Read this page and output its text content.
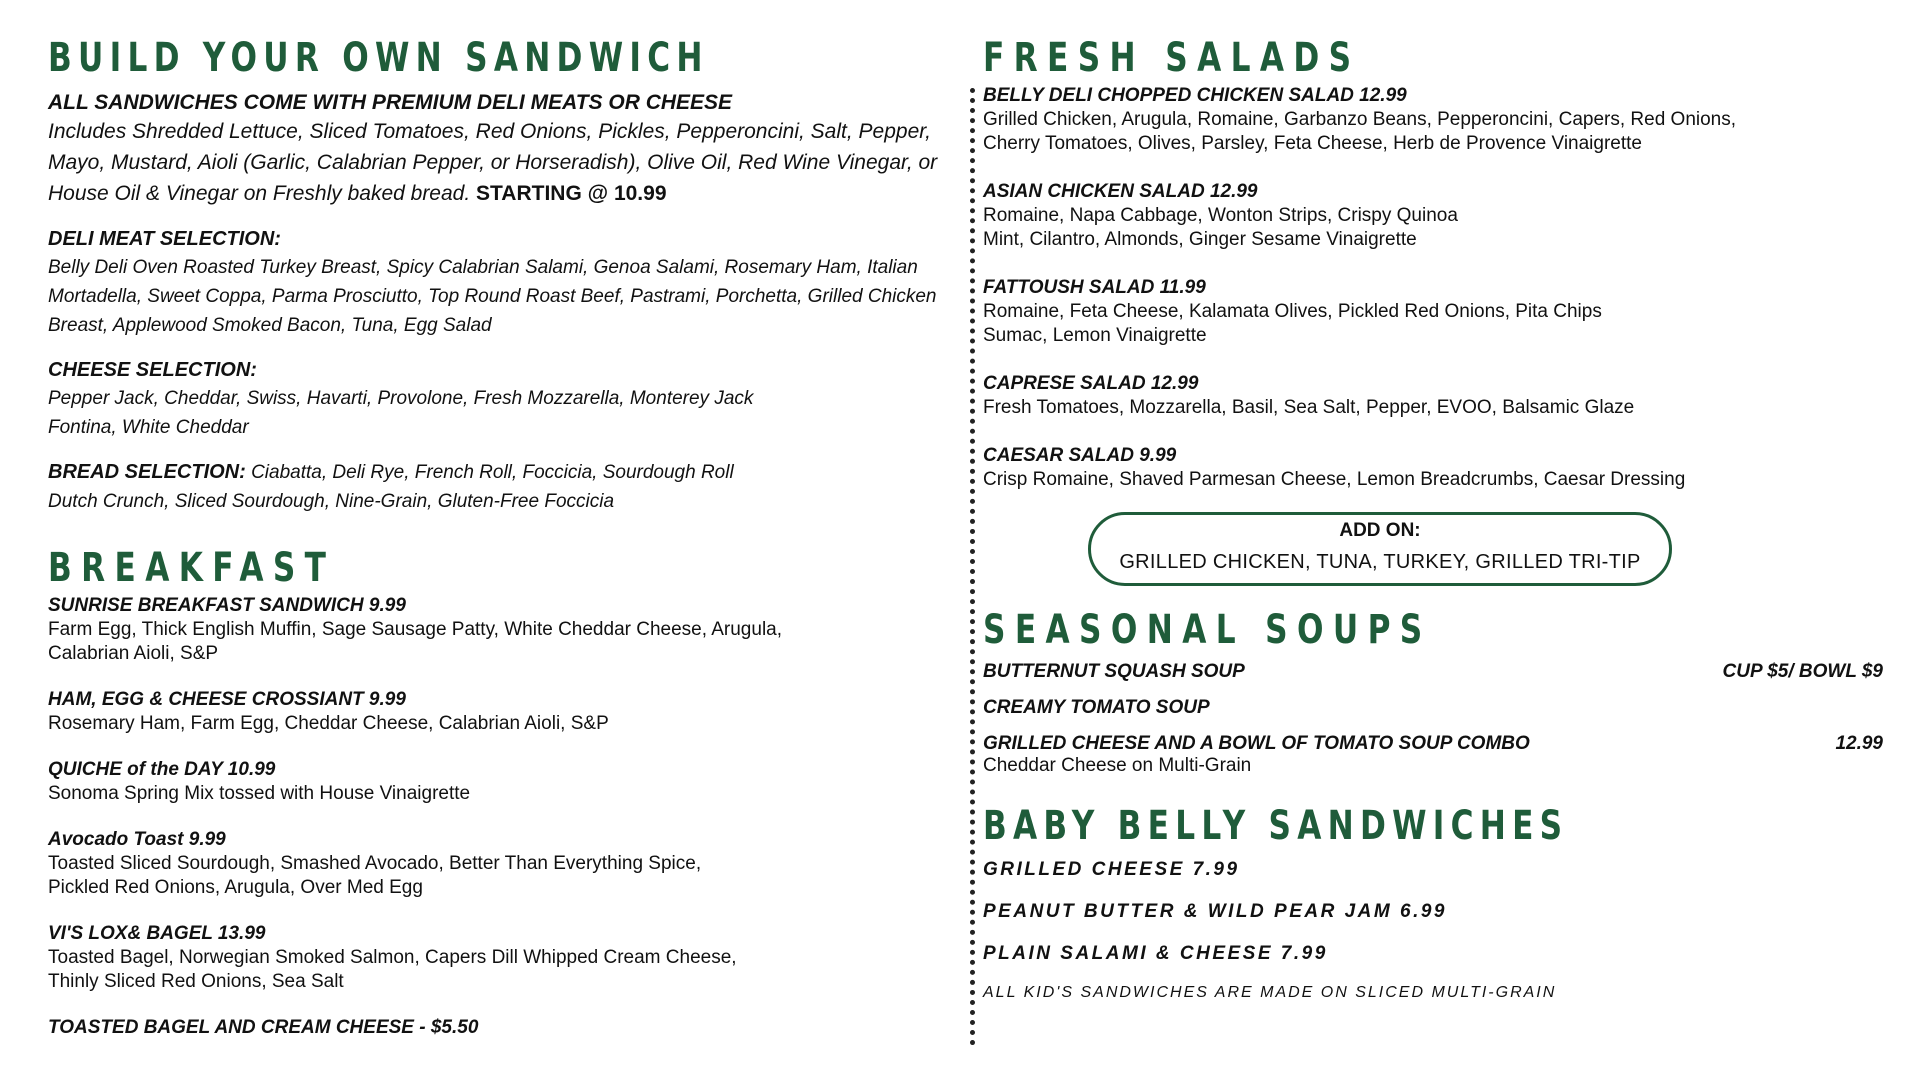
BUILD YOUR OWN SANDWICH
ALL SANDWICHES COME WITH PREMIUM DELI MEATS OR CHEESE
Includes Shredded Lettuce, Sliced Tomatoes, Red Onions, Pickles, Pepperoncini, Salt, Pepper, Mayo, Mustard, Aioli (Garlic, Calabrian Pepper, or Horseradish), Olive Oil, Red Wine Vinegar, or House Oil & Vinegar on Freshly baked bread. STARTING @ 10.99
DELI MEAT SELECTION:
Belly Deli Oven Roasted Turkey Breast, Spicy Calabrian Salami, Genoa Salami, Rosemary Ham, Italian Mortadella, Sweet Coppa, Parma Prosciutto, Top Round Roast Beef, Pastrami, Porchetta, Grilled Chicken Breast, Applewood Smoked Bacon, Tuna, Egg Salad
CHEESE SELECTION:
Pepper Jack, Cheddar, Swiss, Havarti, Provolone, Fresh Mozzarella, Monterey Jack
Fontina, White Cheddar
BREAD SELECTION: Ciabatta, Deli Rye, French Roll, Foccicia, Sourdough Roll
Dutch Crunch, Sliced Sourdough, Nine-Grain, Gluten-Free Foccicia
BREAKFAST
SUNRISE BREAKFAST SANDWICH 9.99
Farm Egg, Thick English Muffin, Sage Sausage Patty, White Cheddar Cheese, Arugula,
Calabrian Aioli, S&P
HAM, EGG & CHEESE CROSSIANT 9.99
Rosemary Ham, Farm Egg, Cheddar Cheese, Calabrian Aioli, S&P
QUICHE of the DAY 10.99
Sonoma Spring Mix tossed with House Vinaigrette
Avocado Toast 9.99
Toasted Sliced Sourdough, Smashed Avocado, Better Than Everything Spice,
Pickled Red Onions, Arugula, Over Med Egg
VI'S LOX& BAGEL 13.99
Toasted Bagel, Norwegian Smoked Salmon, Capers Dill Whipped Cream Cheese,
Thinly Sliced Red Onions, Sea Salt
TOASTED BAGEL AND CREAM CHEESE - $5.50
FRESH SALADS
BELLY DELI CHOPPED CHICKEN SALAD 12.99
Grilled Chicken, Arugula, Romaine, Garbanzo Beans, Pepperoncini, Capers, Red Onions,
Cherry Tomatoes, Olives, Parsley, Feta Cheese, Herb de Provence Vinaigrette
ASIAN CHICKEN SALAD 12.99
Romaine, Napa Cabbage, Wonton Strips, Crispy Quinoa
Mint, Cilantro, Almonds, Ginger Sesame Vinaigrette
FATTOUSH SALAD 11.99
Romaine, Feta Cheese, Kalamata Olives, Pickled Red Onions, Pita Chips
Sumac, Lemon Vinaigrette
CAPRESE SALAD 12.99
Fresh Tomatoes, Mozzarella, Basil, Sea Salt, Pepper, EVOO, Balsamic Glaze
CAESAR SALAD 9.99
Crisp Romaine, Shaved Parmesan Cheese, Lemon Breadcrumbs, Caesar Dressing
ADD ON:
GRILLED CHICKEN, TUNA, TURKEY, GRILLED TRI-TIP
SEASONAL SOUPS
BUTTERNUT SQUASH SOUP	CUP $5/ BOWL $9
CREAMY TOMATO SOUP
GRILLED CHEESE AND A BOWL OF TOMATO SOUP COMBO	12.99
Cheddar Cheese on Multi-Grain
BABY BELLY SANDWICHES
GRILLED CHEESE 7.99
PEANUT BUTTER & WILD PEAR JAM 6.99
PLAIN SALAMI & CHEESE 7.99
ALL KID'S SANDWICHES ARE MADE ON SLICED MULTI-GRAIN
